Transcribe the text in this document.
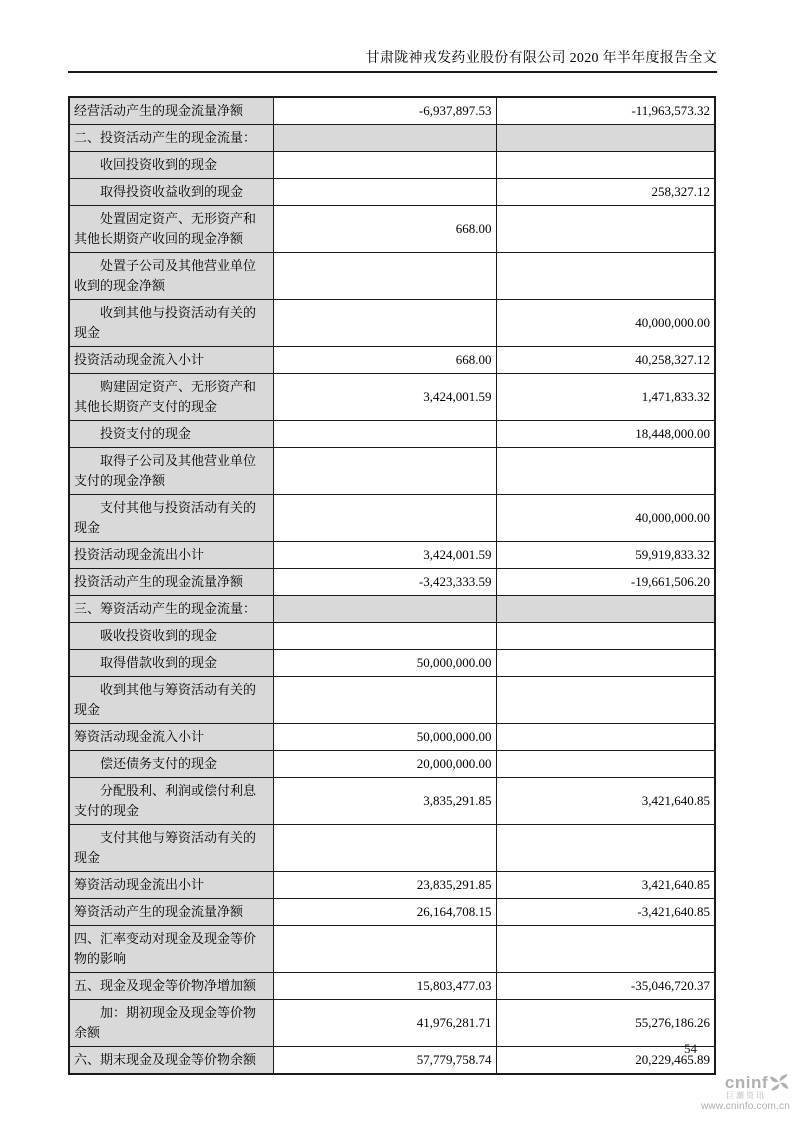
甘肃陇神戎发药业股份有限公司 2020 年半年度报告全文
经营活动产生的现金流量净额	-6,937,897.53	-11,963,573.32
二、投资活动产生的现金流量：		
收回投资收到的现金		
取得投资收益收到的现金		258,327.12
处置固定资产、无形资产和其他长期资产收回的现金净额	668.00	
处置子公司及其他营业单位收到的现金净额		
收到其他与投资活动有关的现金		40,000,000.00
投资活动现金流入小计	668.00	40,258,327.12
购建固定资产、无形资产和其他长期资产支付的现金	3,424,001.59	1,471,833.32
投资支付的现金		18,448,000.00
取得子公司及其他营业单位支付的现金净额		
支付其他与投资活动有关的现金		40,000,000.00
投资活动现金流出小计	3,424,001.59	59,919,833.32
投资活动产生的现金流量净额	-3,423,333.59	-19,661,506.20
三、筹资活动产生的现金流量：		
吸收投资收到的现金		
取得借款收到的现金	50,000,000.00	
收到其他与筹资活动有关的现金		
筹资活动现金流入小计	50,000,000.00	
偿还债务支付的现金	20,000,000.00	
分配股利、利润或偿付利息支付的现金	3,835,291.85	3,421,640.85
支付其他与筹资活动有关的现金		
筹资活动现金流出小计	23,835,291.85	3,421,640.85
筹资活动产生的现金流量净额	26,164,708.15	-3,421,640.85
四、汇率变动对现金及现金等价物的影响		
五、现金及现金等价物净增加额	15,803,477.03	-35,046,720.37
加：期初现金及现金等价物余额	41,976,281.71	55,276,186.26
六、期末现金及现金等价物余额	57,779,758.74	20,229,465.89
54
cninf
巨潮资讯
www.cninfo.com.cn
